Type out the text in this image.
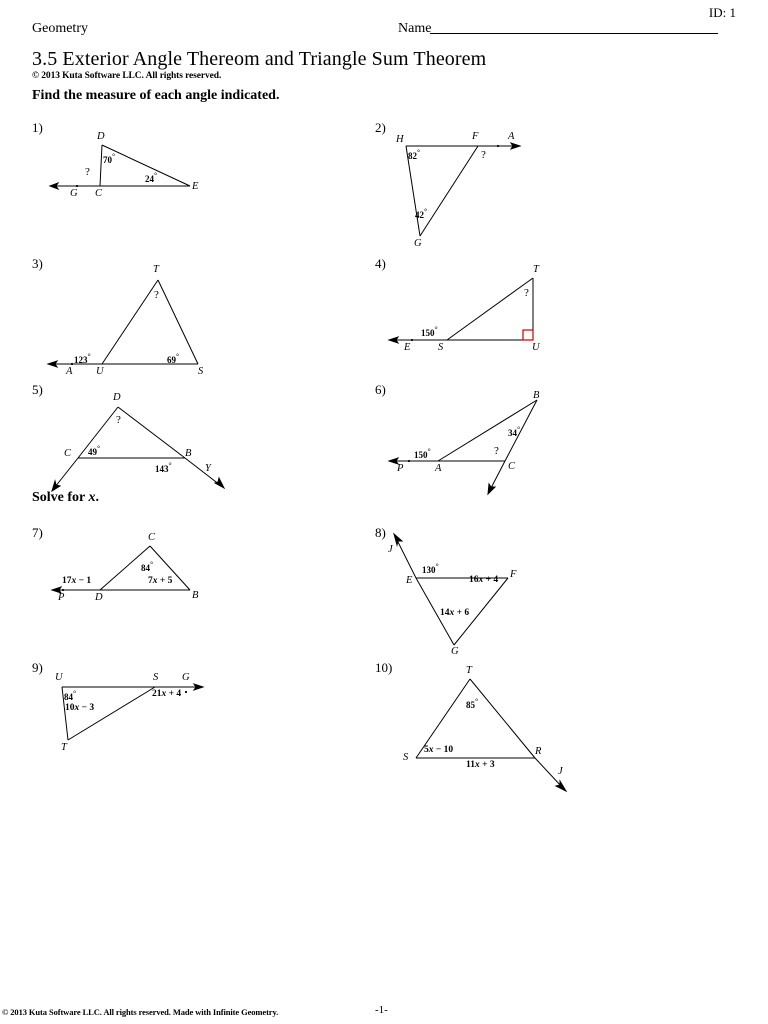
ID: 1
Geometry	Name
3.5 Exterior Angle Thereom and Triangle Sum Theorem
© 2013 Kuta Software LLC. All rights reserved.
Find the measure of each angle indicated.
Solve for x.
1)
D
G C
E
70°
24°
?
2)
H	F	A
G
82°
42°
?
3)	T
A U	S
123°	69°
?
4)	T
E	S	U
150°
?
5)
D
C	B
Y
49°
143°
?
6)	B
P	A	C
150°
34°
?
7)	C
P	D	B
84°
17x − 1	7x + 5
8)
J
E
F
G
130°
16x + 4
14x + 6
9)
U	S G
T
84°
10x − 3
21x + 4
10)	T
S
R
J
85°
5x − 10
11x + 3
© 2013 Kuta Software LLC. All rights reserved. Made with Infinite Geometry.	-1-
